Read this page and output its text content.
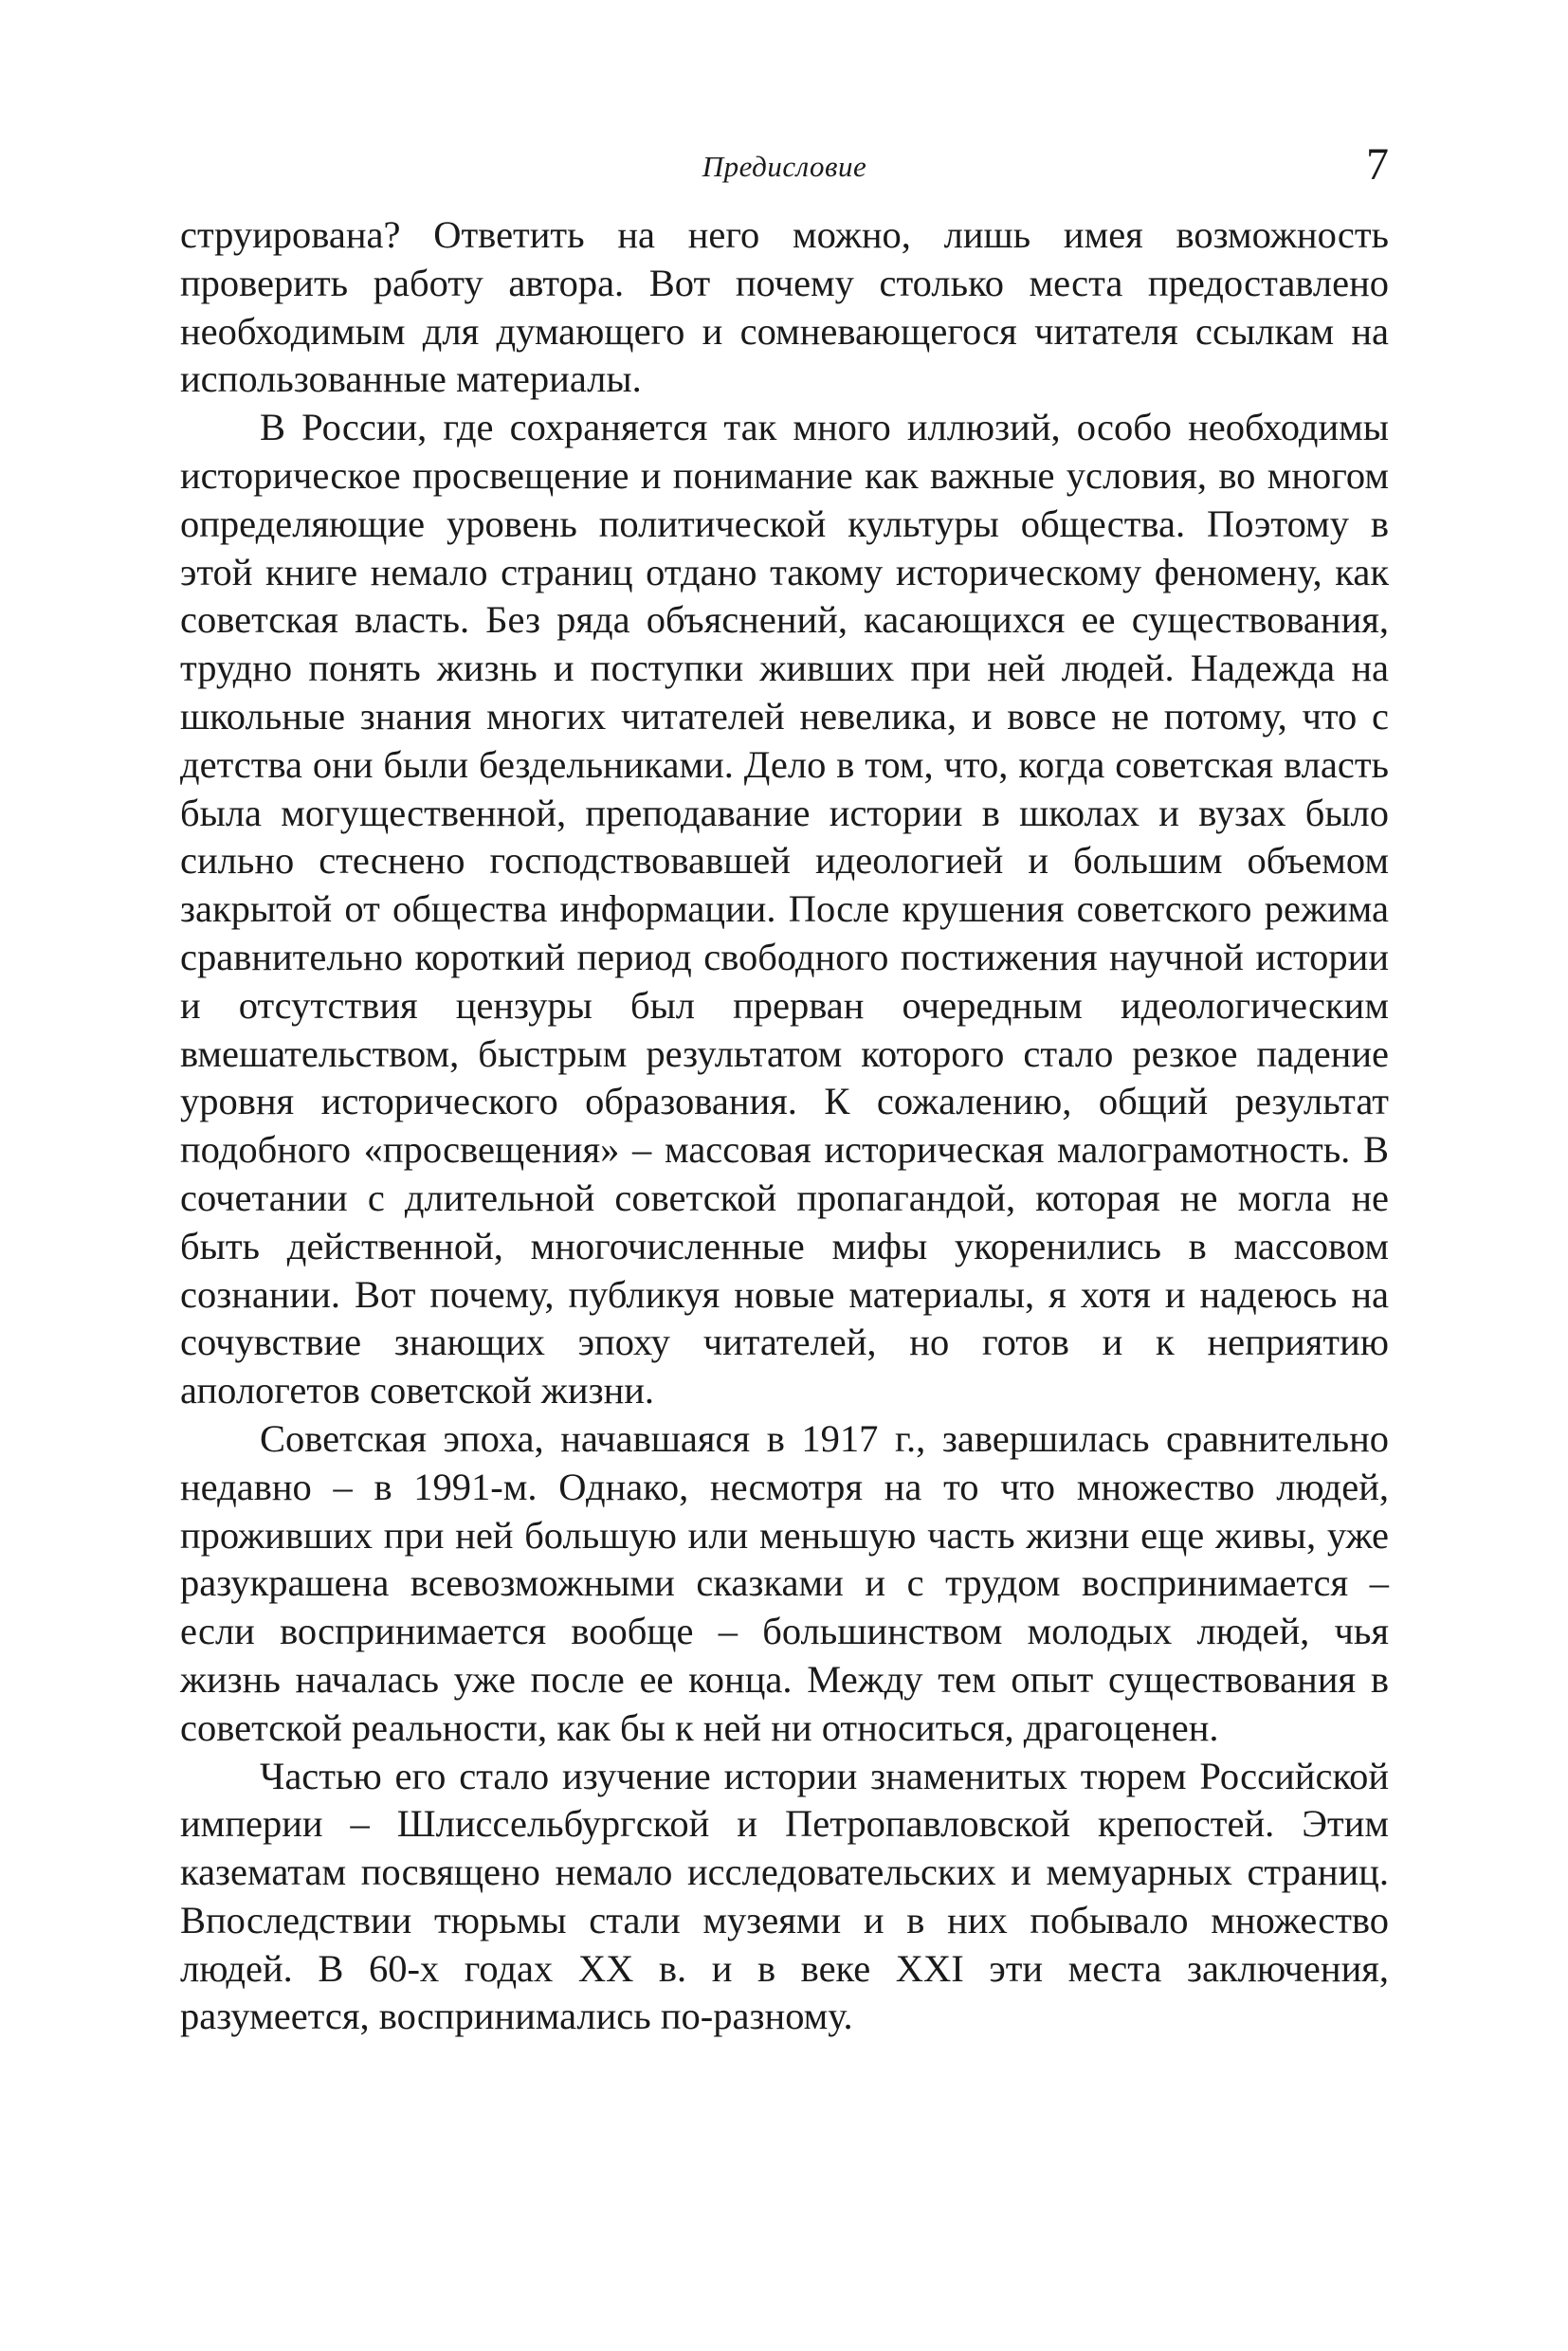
Предисловие	7

струирована? Ответить на него можно, лишь имея возможность проверить работу автора. Вот почему столько места предоставлено необходимым для думающего и сомневающегося читателя ссылкам на использованные материалы.

В России, где сохраняется так много иллюзий, особо необходимы историческое просвещение и понимание как важные условия, во многом определяющие уровень политической культуры общества. Поэтому в этой книге немало страниц отдано такому историческому феномену, как советская власть. Без ряда объяснений, касающихся ее существования, трудно понять жизнь и поступки живших при ней людей. Надежда на школьные знания многих читателей невелика, и вовсе не потому, что с детства они были бездельниками. Дело в том, что, когда советская власть была могущественной, преподавание истории в школах и вузах было сильно стеснено господствовавшей идеологией и большим объемом закрытой от общества информации. После крушения советского режима сравнительно короткий период свободного постижения научной истории и отсутствия цензуры был прерван очередным идеологическим вмешательством, быстрым результатом которого стало резкое падение уровня исторического образования. К сожалению, общий результат подобного «просвещения» – массовая историческая малограмотность. В сочетании с длительной советской пропагандой, которая не могла не быть действенной, многочисленные мифы укоренились в массовом сознании. Вот почему, публикуя новые материалы, я хотя и надеюсь на сочувствие знающих эпоху читателей, но готов и к неприятию апологетов советской жизни.

Советская эпоха, начавшаяся в 1917 г., завершилась сравнительно недавно – в 1991-м. Однако, несмотря на то что множество людей, проживших при ней большую или меньшую часть жизни еще живы, уже разукрашена всевозможными сказками и с трудом воспринимается – если воспринимается вообще – большинством молодых людей, чья жизнь началась уже после ее конца. Между тем опыт существования в советской реальности, как бы к ней ни относиться, драгоценен.

Частью его стало изучение истории знаменитых тюрем Российской империи – Шлиссельбургской и Петропавловской крепостей. Этим казематам посвящено немало исследовательских и мемуарных страниц. Впоследствии тюрьмы стали музеями и в них побывало множество людей. В 60-х годах XX в. и в веке XXI эти места заключения, разумеется, воспринимались по-разному.
